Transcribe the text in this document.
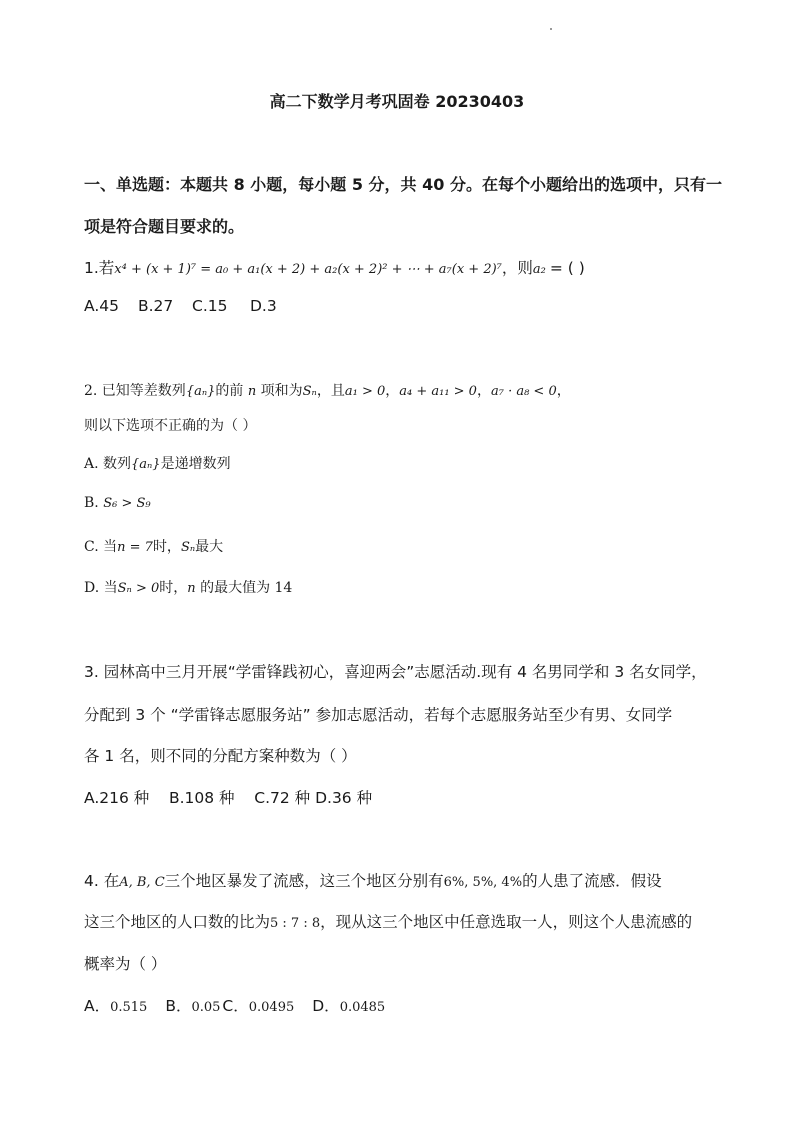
高二下数学月考巩固卷 20230403
一、单选题：本题共 8 小题，每小题 5 分，共 40 分。在每个小题给出的选项中，只有一
项是符合题目要求的。
1.若x⁴ + (x + 1)⁷ = a₀ + a₁(x + 2) + a₂(x + 2)² + ⋯ + a₇(x + 2)⁷，则a₂ = ( )
A.45 B.27 C.15 D.3
2. 已知等差数列{aₙ}的前 n 项和为Sₙ，且a₁ > 0，a₄ + a₁₁ > 0，a₇ · a₈ < 0，
则以下选项不正确的为（ ）
A. 数列{aₙ}是递增数列
B. S₆ > S₉
C. 当n = 7时，Sₙ最大
D. 当Sₙ > 0时，n 的最大值为 14
3. 园林高中三月开展“学雷锋践初心，喜迎两会”志愿活动.现有 4 名男同学和 3 名女同学，
分配到 3 个 “学雷锋志愿服务站” 参加志愿活动，若每个志愿服务站至少有男、女同学
各 1 名，则不同的分配方案种数为（ ）
A.216 种    B.108 种    C.72 种 D.36 种
4. 在A, B, C三个地区暴发了流感，这三个地区分别有6%, 5%, 4%的人患了流感．假设
这三个地区的人口数的比为5 : 7 : 8，现从这三个地区中任意选取一人，则这个人患流感的
概率为（ ）
A．0.515 B．0.05 C．0.0495 D．0.0485
